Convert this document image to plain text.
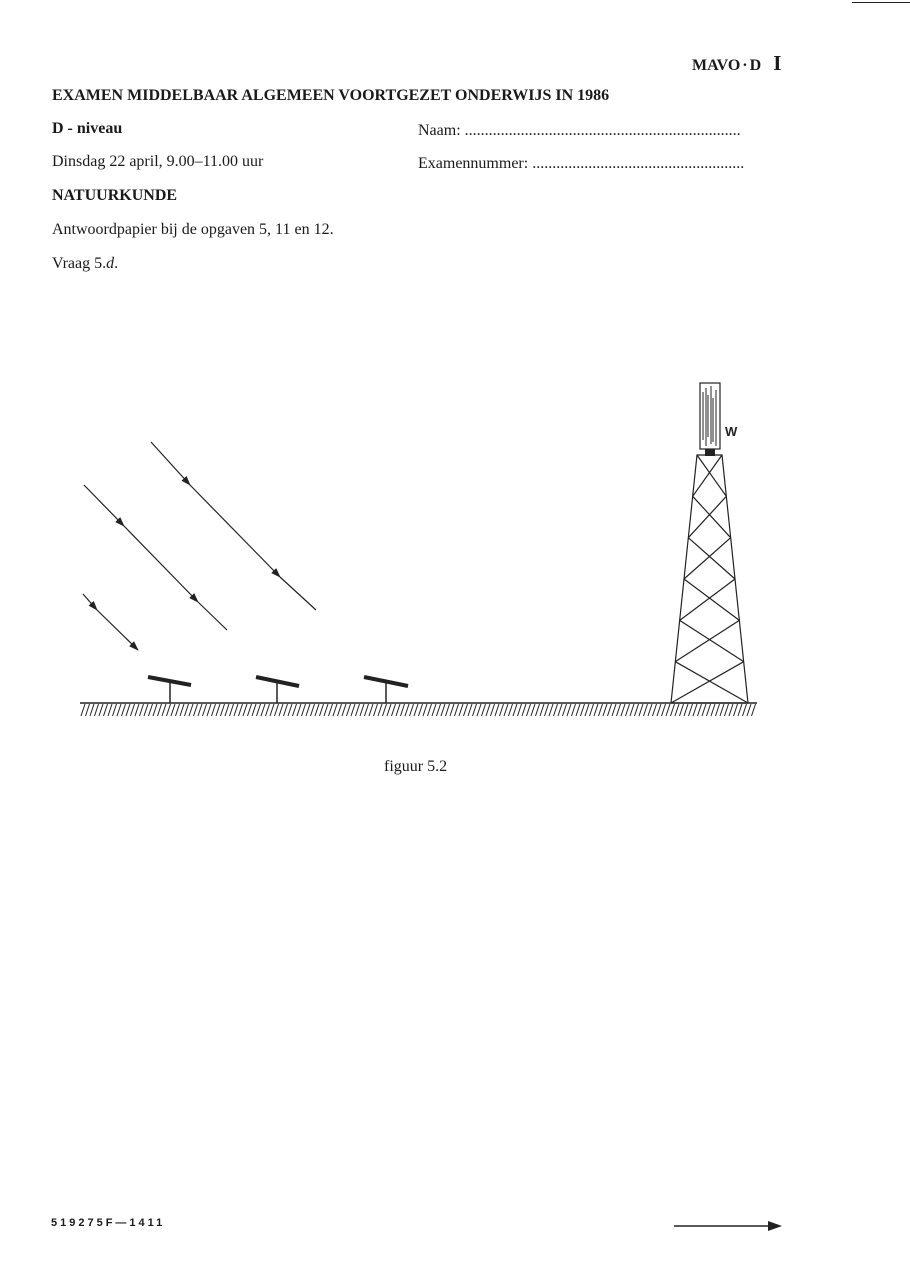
MAVO · D I
EXAMEN MIDDELBAAR ALGEMEEN VOORTGEZET ONDERWIJS IN 1986
D - niveau	Naam: .....................................................................
Dinsdag 22 april, 9.00–11.00 uur	Examennummer: .....................................................
NATUURKUNDE
Antwoordpapier bij de opgaven 5, 11 en 12.
Vraag 5.d.
W
figuur 5.2
519275F—1411
